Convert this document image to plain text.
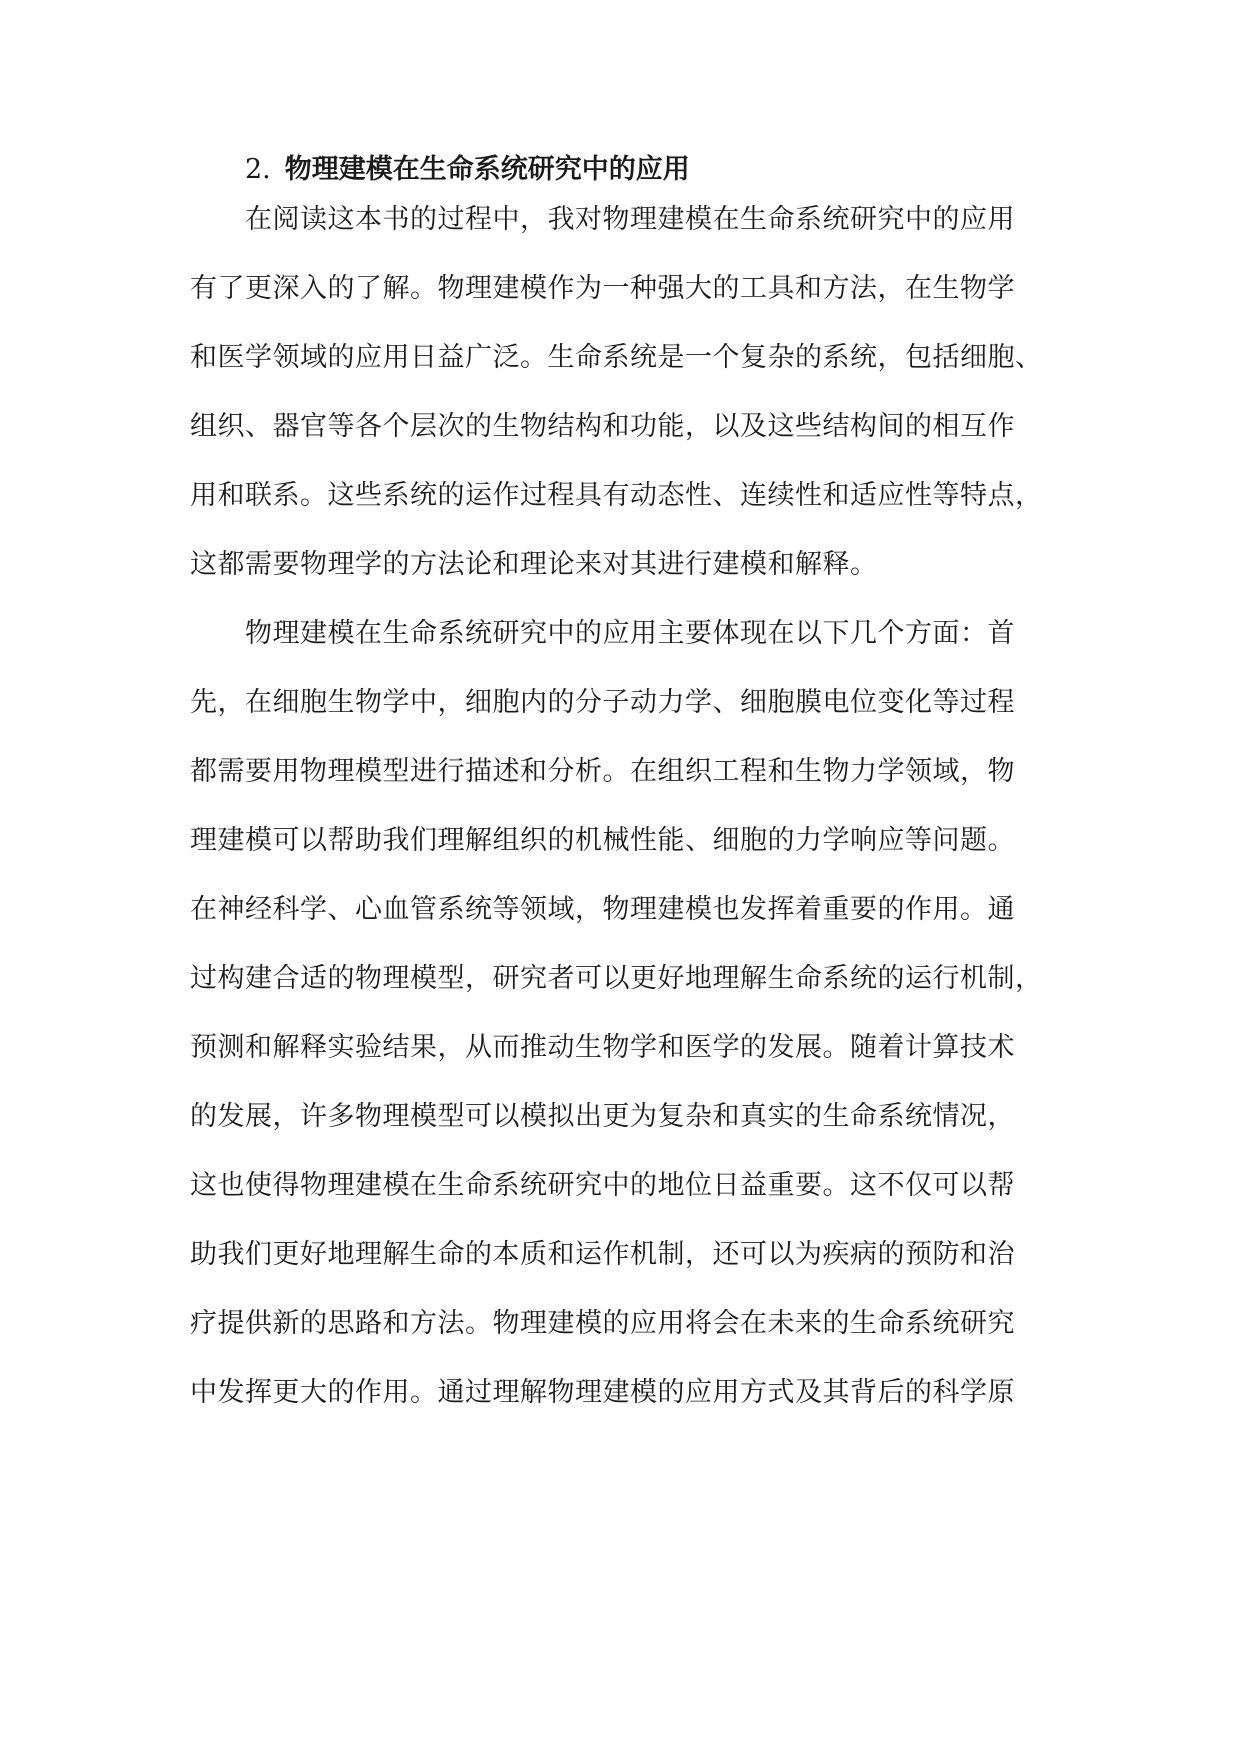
2. 物理建模在生命系统研究中的应用
在阅读这本书的过程中，我对物理建模在生命系统研究中的应用
有了更深入的了解。物理建模作为一种强大的工具和方法，在生物学
和医学领域的应用日益广泛。生命系统是一个复杂的系统，包括细胞、
组织、器官等各个层次的生物结构和功能，以及这些结构间的相互作
用和联系。这些系统的运作过程具有动态性、连续性和适应性等特点，
这都需要物理学的方法论和理论来对其进行建模和解释。
物理建模在生命系统研究中的应用主要体现在以下几个方面：首
先，在细胞生物学中，细胞内的分子动力学、细胞膜电位变化等过程
都需要用物理模型进行描述和分析。在组织工程和生物力学领域，物
理建模可以帮助我们理解组织的机械性能、细胞的力学响应等问题。
在神经科学、心血管系统等领域，物理建模也发挥着重要的作用。通
过构建合适的物理模型，研究者可以更好地理解生命系统的运行机制，
预测和解释实验结果，从而推动生物学和医学的发展。随着计算技术
的发展，许多物理模型可以模拟出更为复杂和真实的生命系统情况，
这也使得物理建模在生命系统研究中的地位日益重要。这不仅可以帮
助我们更好地理解生命的本质和运作机制，还可以为疾病的预防和治
疗提供新的思路和方法。物理建模的应用将会在未来的生命系统研究
中发挥更大的作用。通过理解物理建模的应用方式及其背后的科学原
